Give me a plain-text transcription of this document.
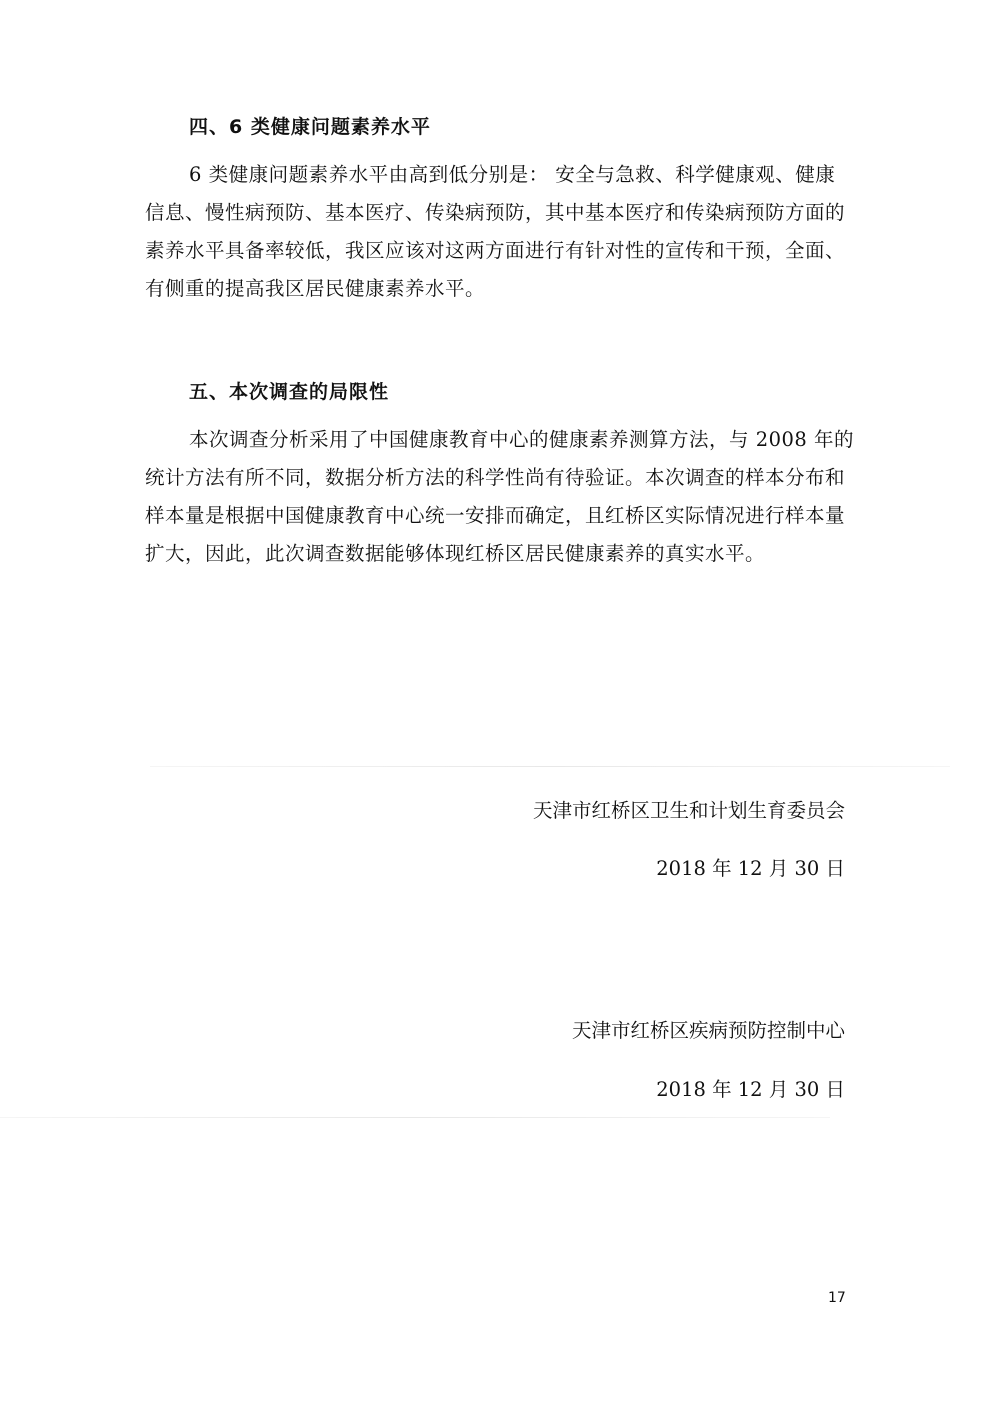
四、6 类健康问题素养水平
6 类健康问题素养水平由高到低分别是： 安全与急救、科学健康观、健康
信息、慢性病预防、基本医疗、传染病预防，其中基本医疗和传染病预防方面的
素养水平具备率较低，我区应该对这两方面进行有针对性的宣传和干预，全面、
有侧重的提高我区居民健康素养水平。
五、本次调查的局限性
本次调查分析采用了中国健康教育中心的健康素养测算方法，与 2008 年的
统计方法有所不同，数据分析方法的科学性尚有待验证。本次调查的样本分布和
样本量是根据中国健康教育中心统一安排而确定，且红桥区实际情况进行样本量
扩大，因此，此次调查数据能够体现红桥区居民健康素养的真实水平。
天津市红桥区卫生和计划生育委员会
2018 年 12 月 30 日
天津市红桥区疾病预防控制中心
2018 年 12 月 30 日
17
